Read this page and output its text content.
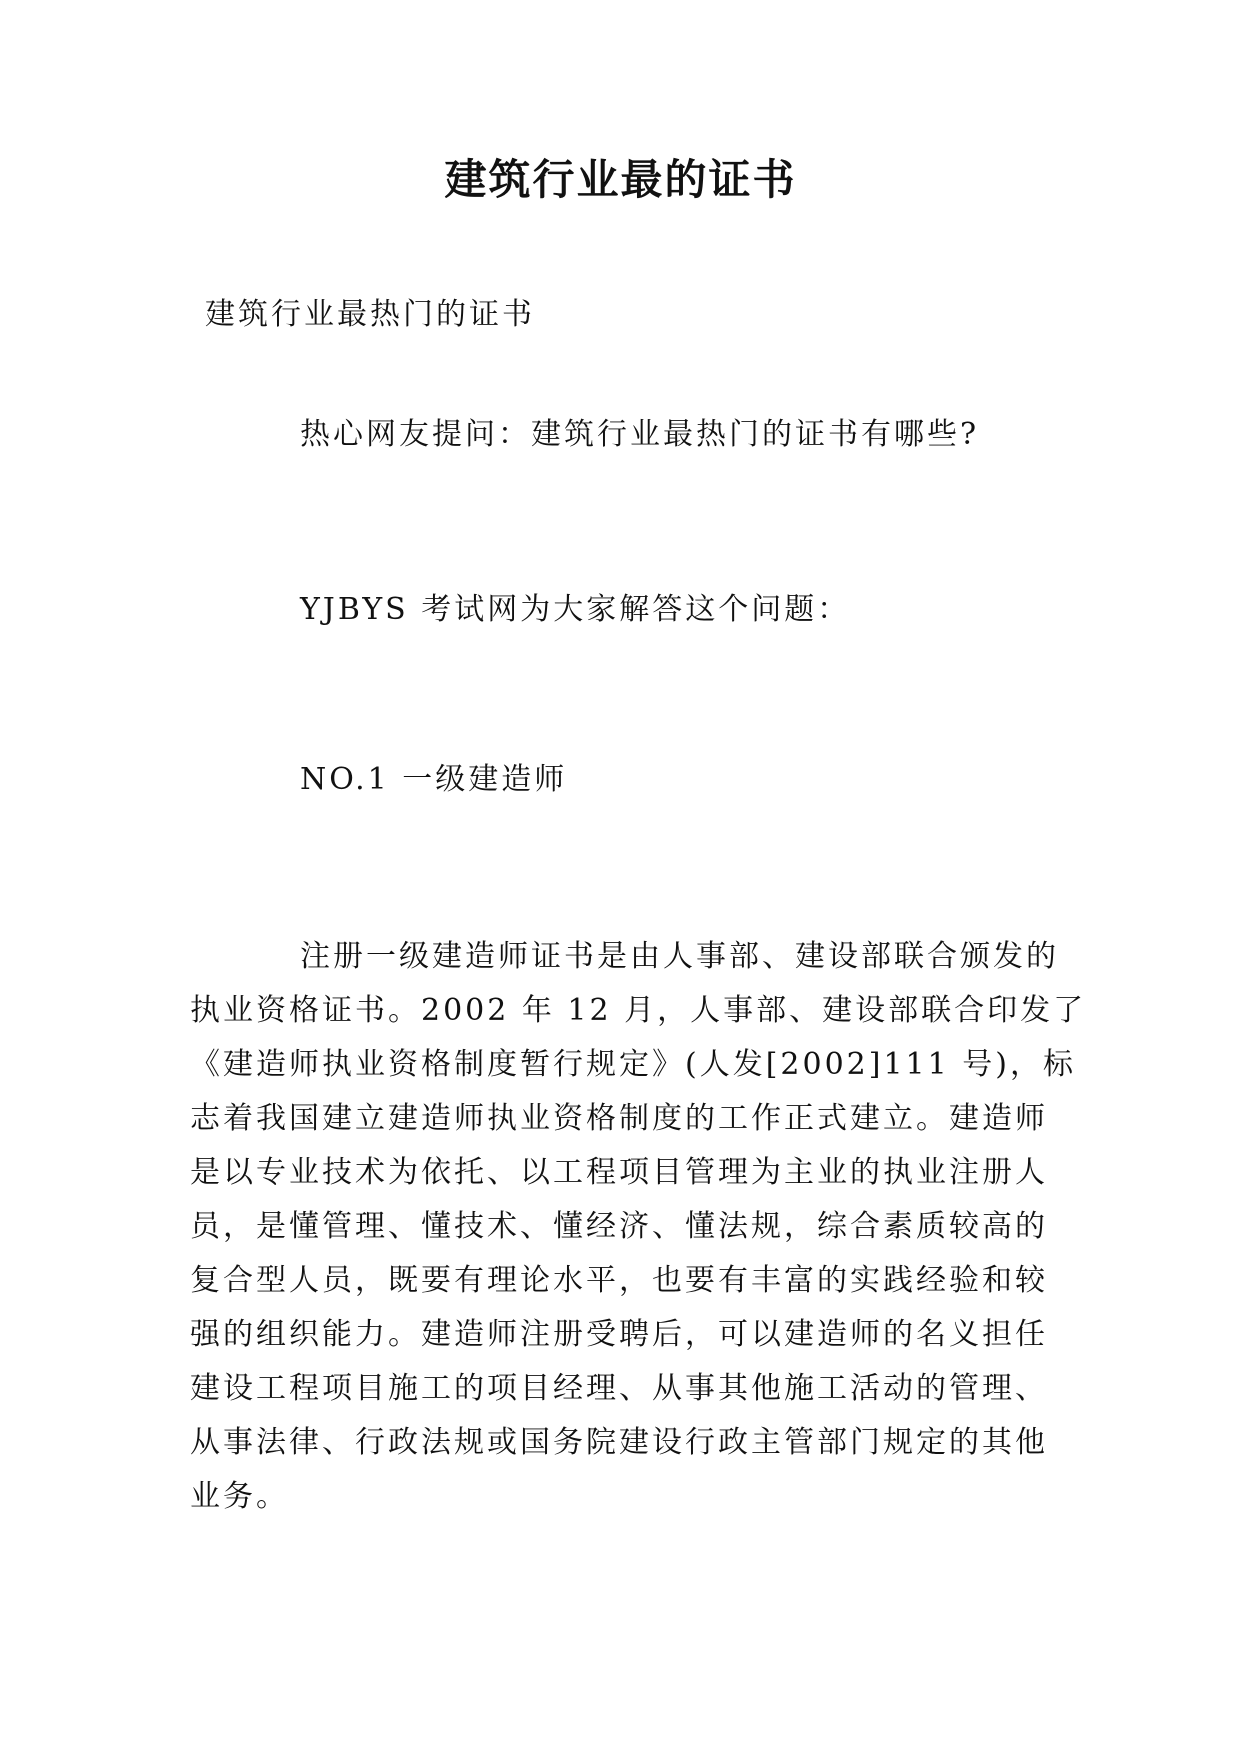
建筑行业最的证书
建筑行业最热门的证书
热心网友提问：建筑行业最热门的证书有哪些?
YJBYS 考试网为大家解答这个问题：
NO.1 一级建造师
注册一级建造师证书是由人事部、建设部联合颁发的
执业资格证书。2002 年 12 月，人事部、建设部联合印发了
《建造师执业资格制度暂行规定》(人发[2002]111 号)，标
志着我国建立建造师执业资格制度的工作正式建立。建造师
是以专业技术为依托、以工程项目管理为主业的执业注册人
员，是懂管理、懂技术、懂经济、懂法规，综合素质较高的
复合型人员，既要有理论水平，也要有丰富的实践经验和较
强的组织能力。建造师注册受聘后，可以建造师的名义担任
建设工程项目施工的项目经理、从事其他施工活动的管理、
从事法律、行政法规或国务院建设行政主管部门规定的其他
业务。
